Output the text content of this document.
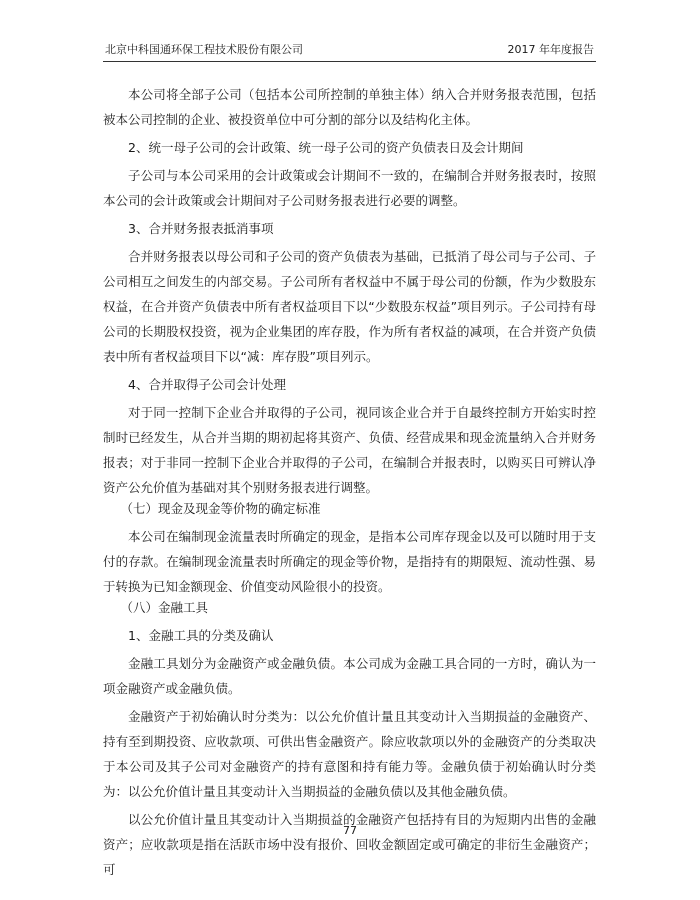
北京中科国通环保工程技术股份有限公司	2017 年年度报告

本公司将全部子公司（包括本公司所控制的单独主体）纳入合并财务报表范围，包括被本公司控制的企业、被投资单位中可分割的部分以及结构化主体。

2、统一母子公司的会计政策、统一母子公司的资产负债表日及会计期间

子公司与本公司采用的会计政策或会计期间不一致的，在编制合并财务报表时，按照本公司的会计政策或会计期间对子公司财务报表进行必要的调整。

3、合并财务报表抵消事项

合并财务报表以母公司和子公司的资产负债表为基础，已抵消了母公司与子公司、子公司相互之间发生的内部交易。子公司所有者权益中不属于母公司的份额，作为少数股东权益，在合并资产负债表中所有者权益项目下以“少数股东权益”项目列示。子公司持有母公司的长期股权投资，视为企业集团的库存股，作为所有者权益的减项，在合并资产负债表中所有者权益项目下以“减：库存股”项目列示。

4、合并取得子公司会计处理

对于同一控制下企业合并取得的子公司，视同该企业合并于自最终控制方开始实时控制时已经发生，从合并当期的期初起将其资产、负债、经营成果和现金流量纳入合并财务报表；对于非同一控制下企业合并取得的子公司，在编制合并报表时，以购买日可辨认净资产公允价值为基础对其个别财务报表进行调整。

（七）现金及现金等价物的确定标准

本公司在编制现金流量表时所确定的现金，是指本公司库存现金以及可以随时用于支付的存款。在编制现金流量表时所确定的现金等价物，是指持有的期限短、流动性强、易于转换为已知金额现金、价值变动风险很小的投资。

（八）金融工具

1、金融工具的分类及确认

金融工具划分为金融资产或金融负债。本公司成为金融工具合同的一方时，确认为一项金融资产或金融负债。

金融资产于初始确认时分类为：以公允价值计量且其变动计入当期损益的金融资产、持有至到期投资、应收款项、可供出售金融资产。除应收款项以外的金融资产的分类取决于本公司及其子公司对金融资产的持有意图和持有能力等。金融负债于初始确认时分类为：以公允价值计量且其变动计入当期损益的金融负债以及其他金融负债。

以公允价值计量且其变动计入当期损益的金融资产包括持有目的为短期内出售的金融资产；应收款项是指在活跃市场中没有报价、回收金额固定或可确定的非衍生金融资产；可

77
